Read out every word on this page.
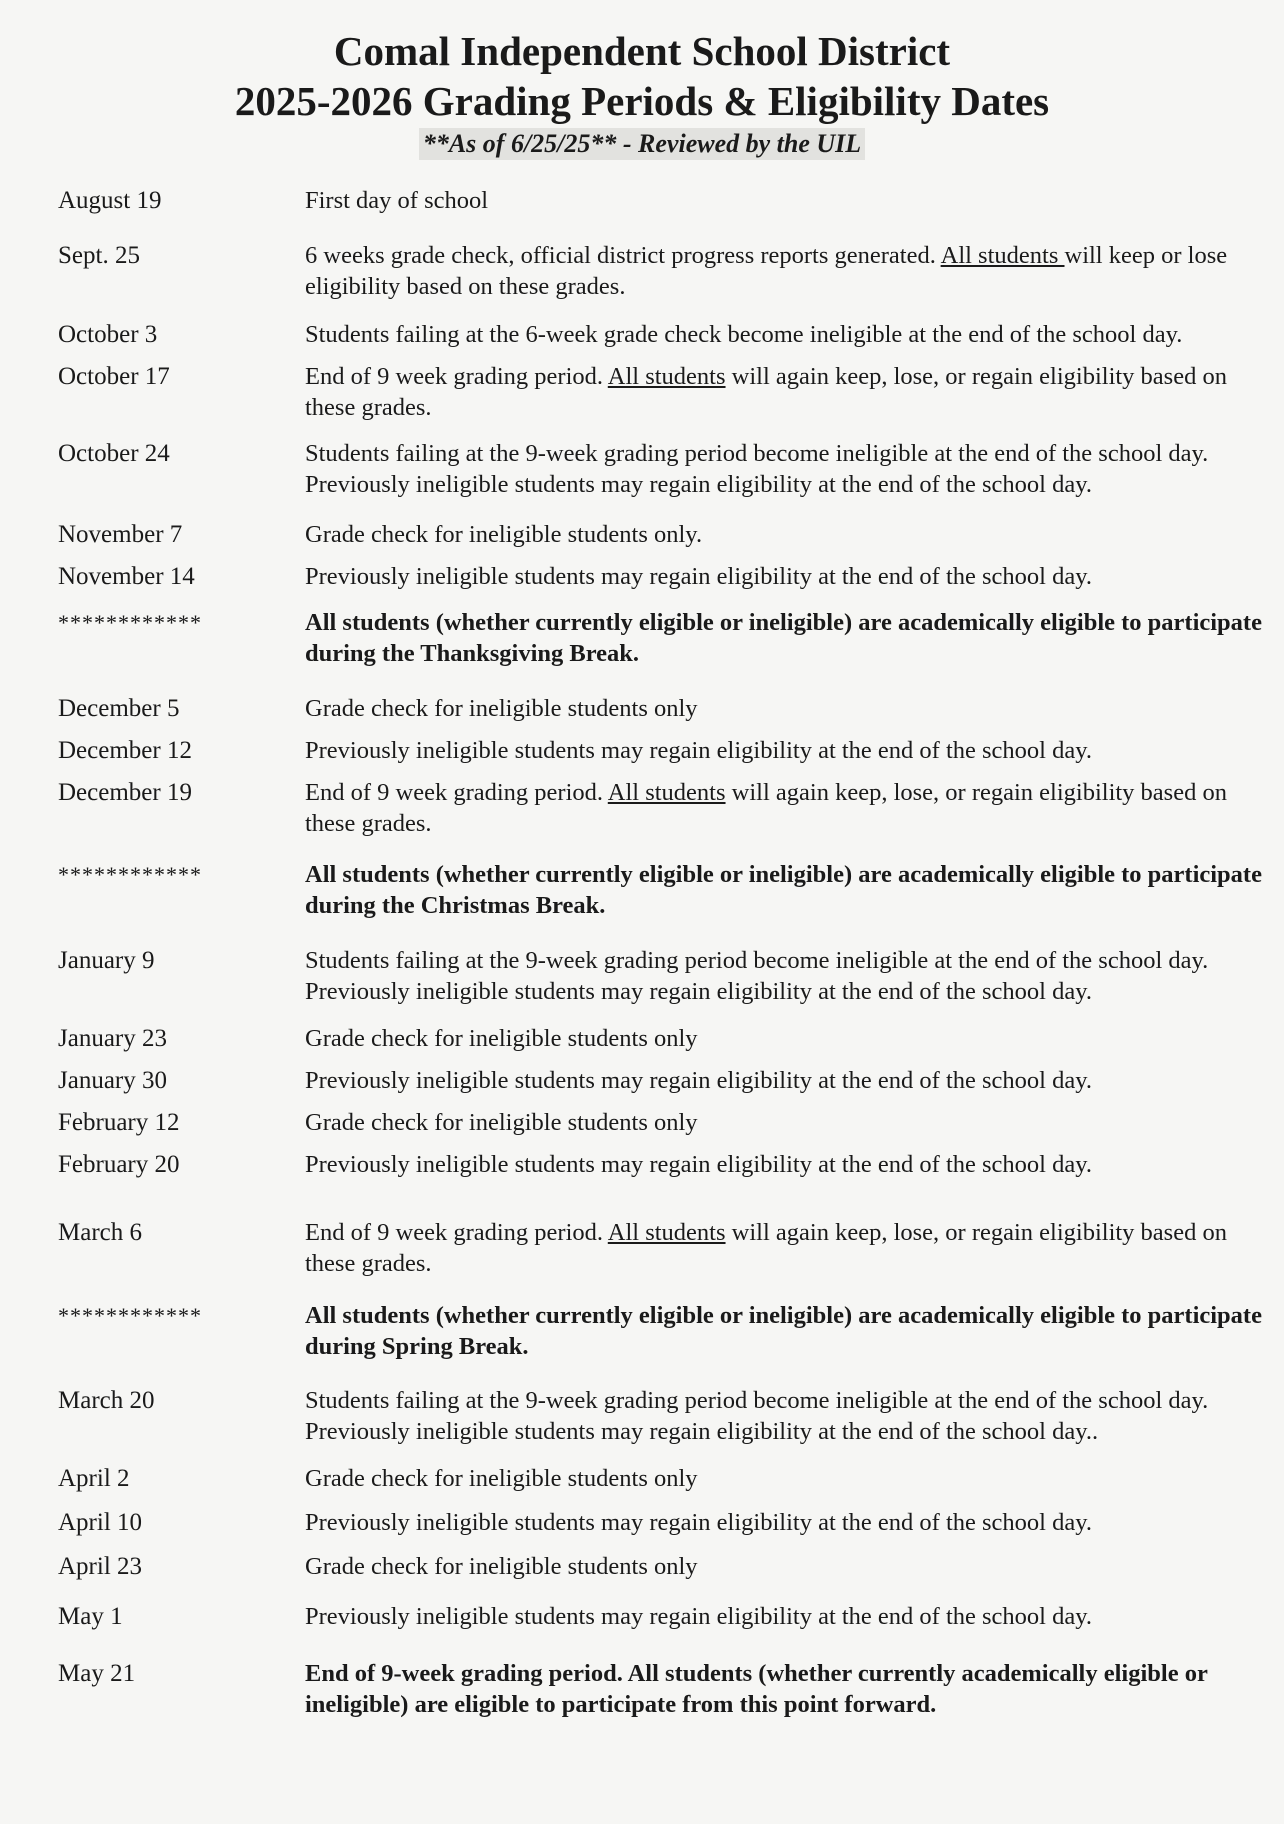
Comal Independent School District
2025-2026 Grading Periods & Eligibility Dates
**As of 6/25/25** - Reviewed by the UIL
August 19	First day of school
Sept. 25	6 weeks grade check, official district progress reports generated. All students will keep or lose
eligibility based on these grades.
October 3	Students failing at the 6-week grade check become ineligible at the end of the school day.
October 17	End of 9 week grading period. All students will again keep, lose, or regain eligibility based on
these grades.
October 24	Students failing at the 9-week grading period become ineligible at the end of the school day.
Previously ineligible students may regain eligibility at the end of the school day.
November 7	Grade check for ineligible students only.
November 14	Previously ineligible students may regain eligibility at the end of the school day.
************	All students (whether currently eligible or ineligible) are academically eligible to participate
during the Thanksgiving Break.
December 5	Grade check for ineligible students only
December 12	Previously ineligible students may regain eligibility at the end of the school day.
December 19	End of 9 week grading period. All students will again keep, lose, or regain eligibility based on
these grades.
************	All students (whether currently eligible or ineligible) are academically eligible to participate
during the Christmas Break.
January 9	Students failing at the 9-week grading period become ineligible at the end of the school day.
Previously ineligible students may regain eligibility at the end of the school day.
January 23	Grade check for ineligible students only
January 30	Previously ineligible students may regain eligibility at the end of the school day.
February 12	Grade check for ineligible students only
February 20	Previously ineligible students may regain eligibility at the end of the school day.
March 6	End of 9 week grading period. All students will again keep, lose, or regain eligibility based on
these grades.
************	All students (whether currently eligible or ineligible) are academically eligible to participate
during Spring Break.
March 20	Students failing at the 9-week grading period become ineligible at the end of the school day.
Previously ineligible students may regain eligibility at the end of the school day..
April 2	Grade check for ineligible students only
April 10	Previously ineligible students may regain eligibility at the end of the school day.
April 23	Grade check for ineligible students only
May 1	Previously ineligible students may regain eligibility at the end of the school day.
May 21	End of 9-week grading period. All students (whether currently academically eligible or
ineligible) are eligible to participate from this point forward.
